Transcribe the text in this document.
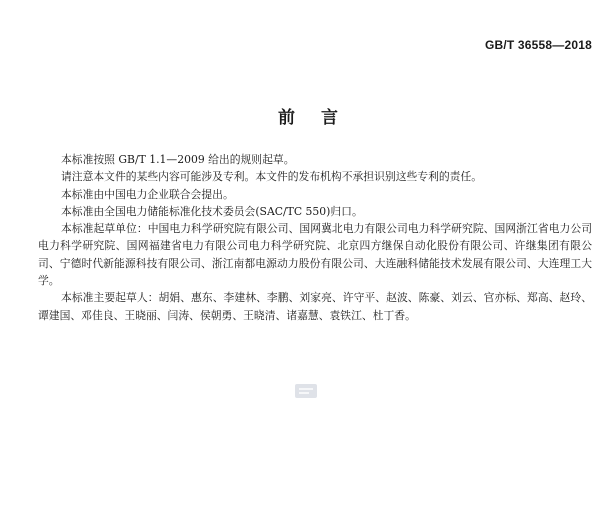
GB/T 36558—2018
前言

本标准按照 GB/T 1.1—2009 给出的规则起草。

请注意本文件的某些内容可能涉及专利。本文件的发布机构不承担识别这些专利的责任。

本标准由中国电力企业联合会提出。

本标准由全国电力储能标准化技术委员会(SAC/TC 550)归口。

本标准起草单位：中国电力科学研究院有限公司、国网冀北电力有限公司电力科学研究院、国网浙江省电力公司电力科学研究院、国网福建省电力有限公司电力科学研究院、北京四方继保自动化股份有限公司、许继集团有限公司、宁德时代新能源科技有限公司、浙江南都电源动力股份有限公司、大连融科储能技术发展有限公司、大连理工大学。

本标准主要起草人：胡娟、惠东、李建林、李鹏、刘家亮、许守平、赵波、陈豪、刘云、官亦标、郑高、赵玲、谭建国、邓佳良、王晓丽、闫涛、侯朝勇、王晓清、诸嘉慧、袁铁江、杜丁香。
